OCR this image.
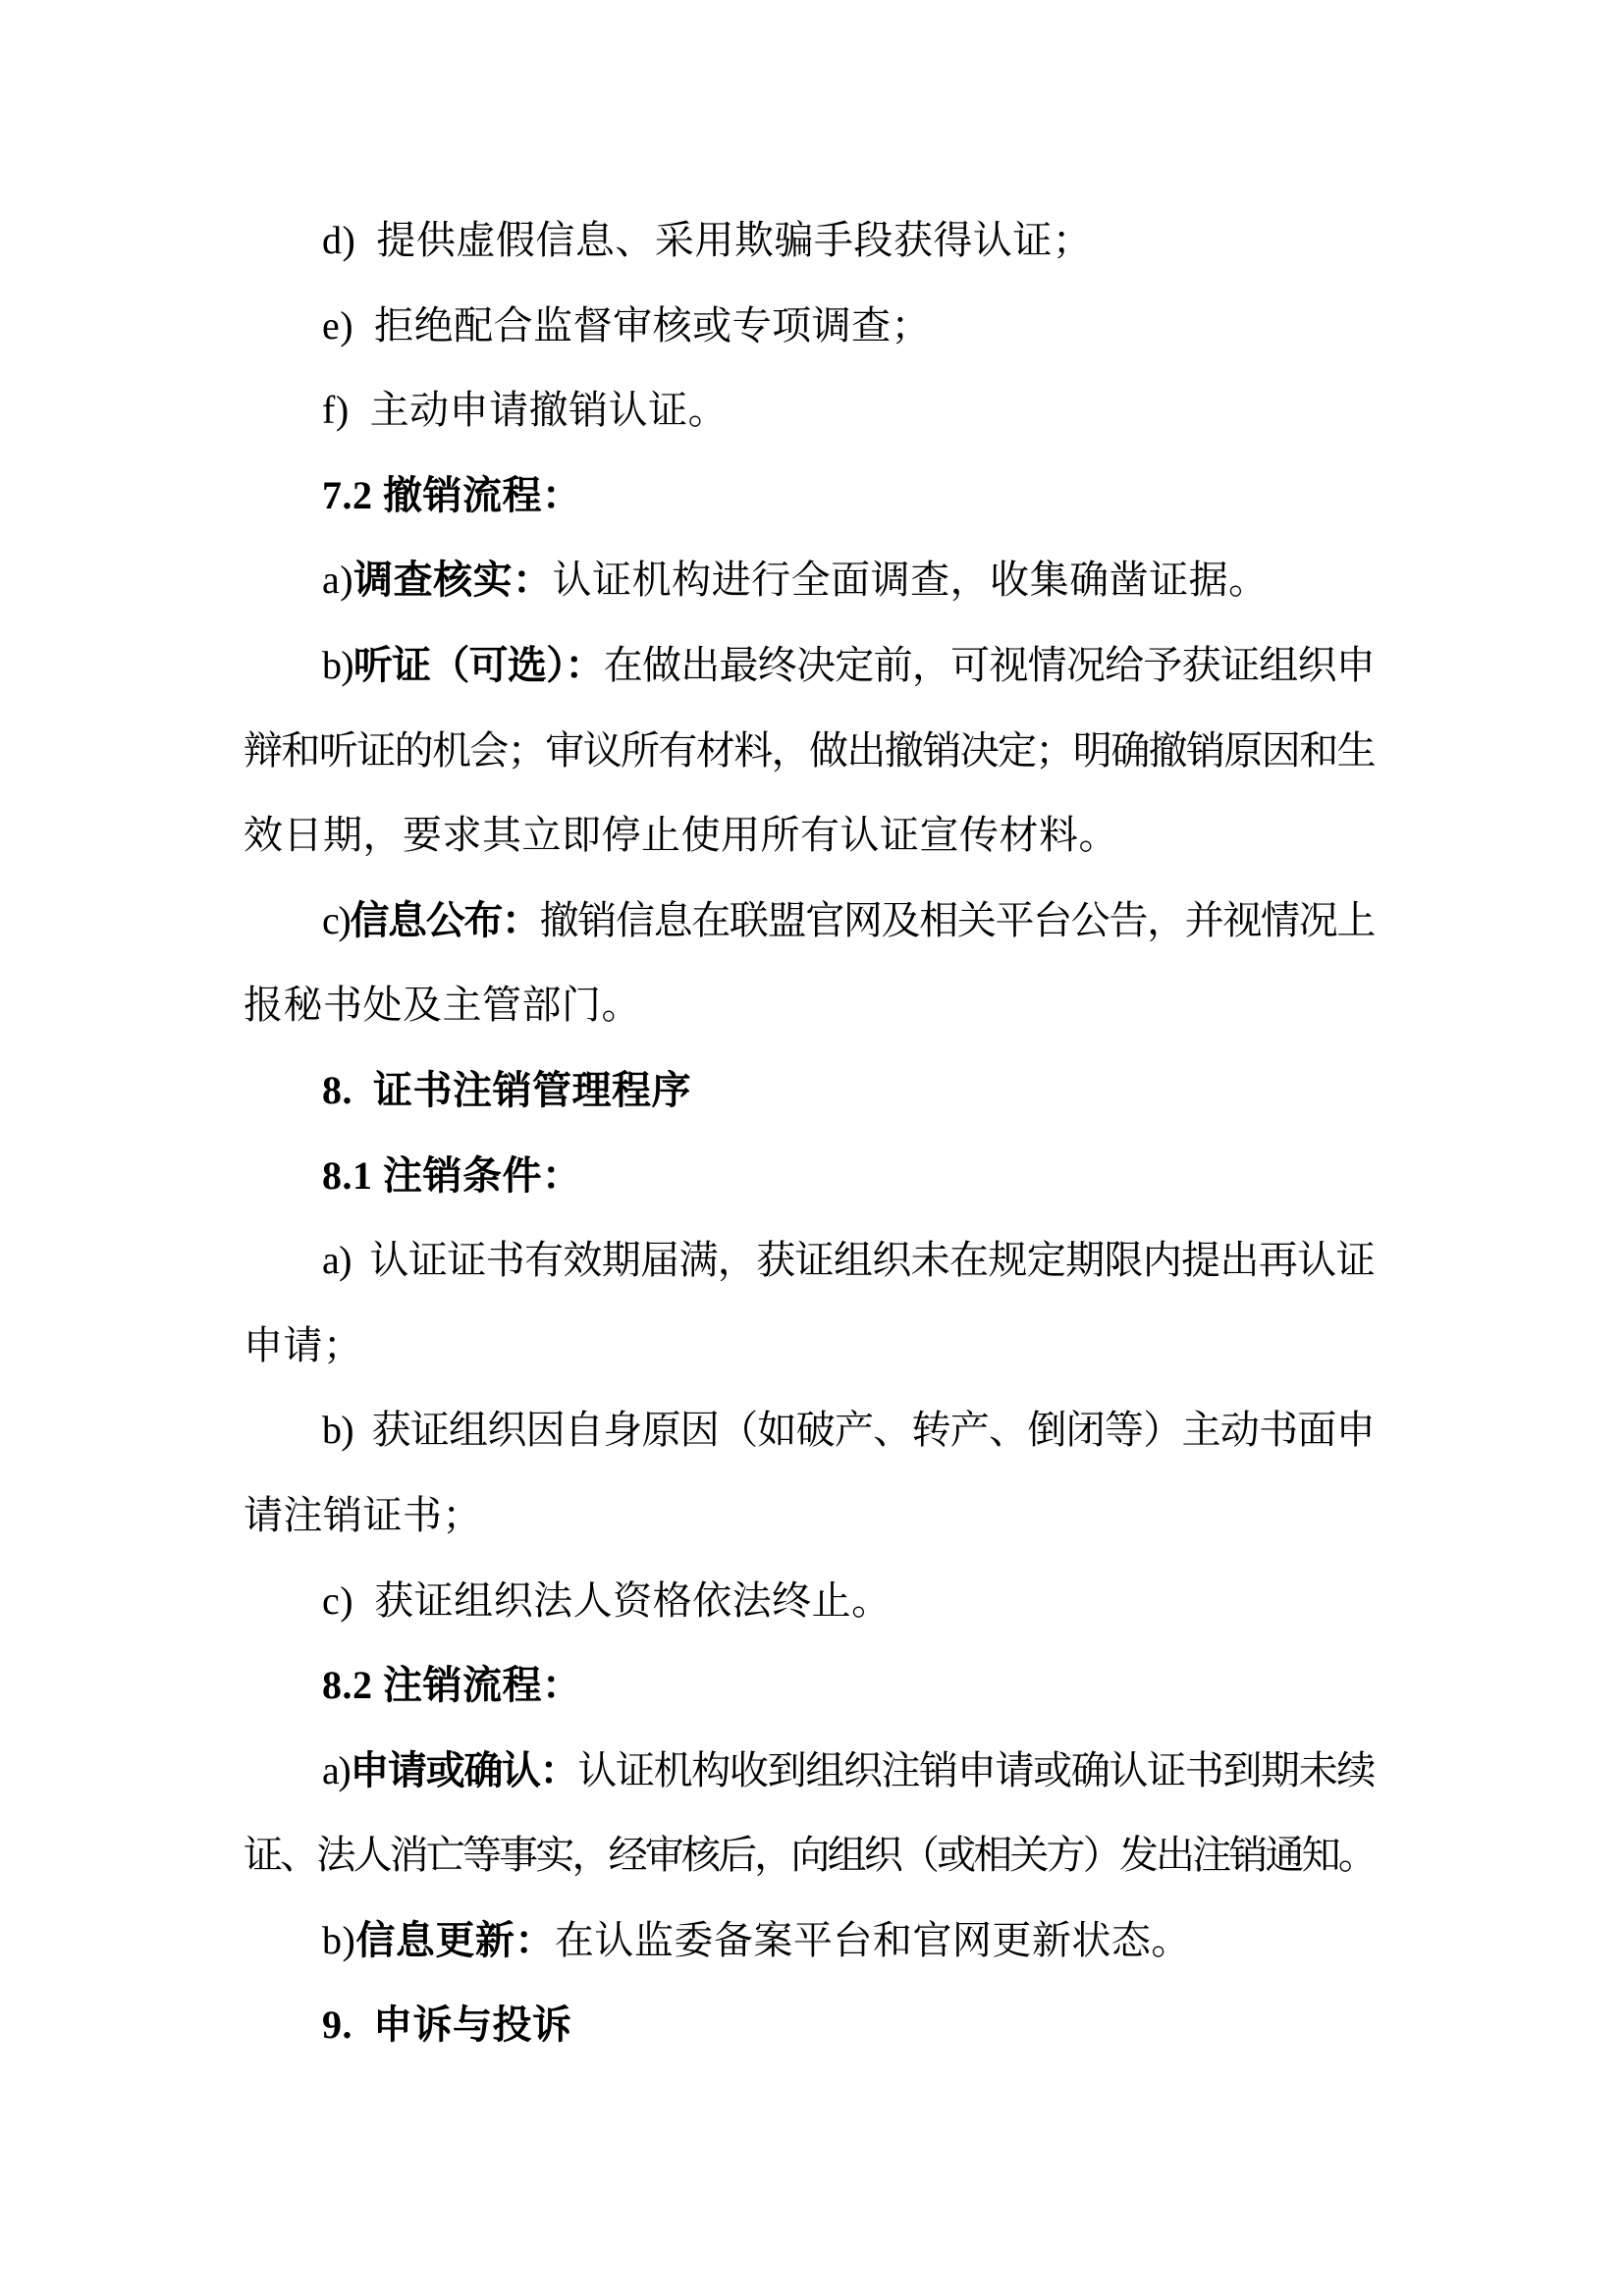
d)  提供虚假信息、采用欺骗手段获得认证；
e)  拒绝配合监督审核或专项调查；
f)  主动申请撤销认证。
7.2 撤销流程：
a)调查核实：认证机构进行全面调查，收集确凿证据。
b)听证（可选）：在做出最终决定前，可视情况给予获证组织申
辩和听证的机会；审议所有材料，做出撤销决定；明确撤销原因和生
效日期，要求其立即停止使用所有认证宣传材料。
c)信息公布：撤销信息在联盟官网及相关平台公告，并视情况上
报秘书处及主管部门。
8.  证书注销管理程序
8.1 注销条件：
a)  认证证书有效期届满，获证组织未在规定期限内提出再认证
申请；
b)  获证组织因自身原因（如破产、转产、倒闭等）主动书面申
请注销证书；
c)  获证组织法人资格依法终止。
8.2 注销流程：
a)申请或确认：认证机构收到组织注销申请或确认证书到期未续
证、法人消亡等事实，经审核后，向组织（或相关方）发出注销通知。
b)信息更新：在认监委备案平台和官网更新状态。
9.  申诉与投诉
